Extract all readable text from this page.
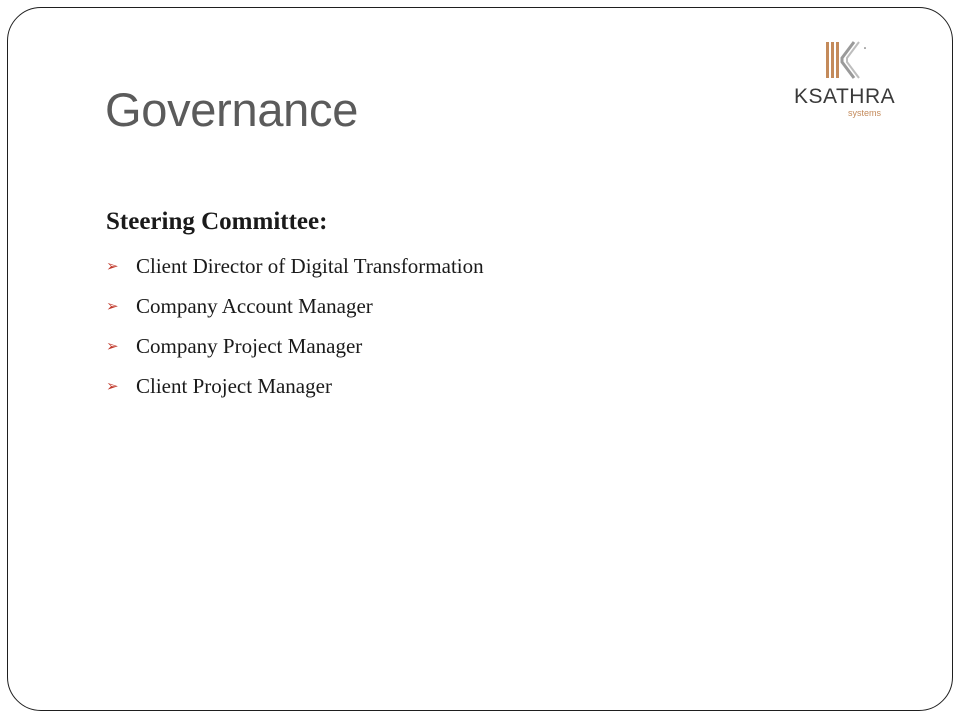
Governance	KSATHRA
systems
Steering Committee:
➢ Client Director of Digital Transformation
➢ Company Account Manager
➢ Company Project Manager
➢ Client Project Manager
